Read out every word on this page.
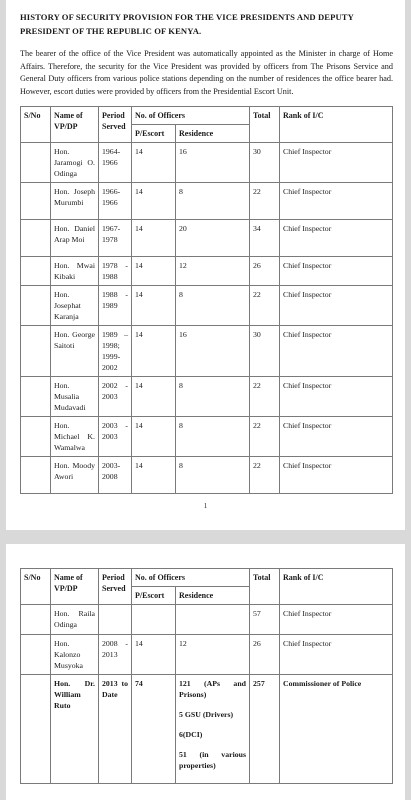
HISTORY OF SECURITY PROVISION FOR THE VICE PRESIDENTS AND DEPUTY PRESIDENT OF THE REPUBLIC OF KENYA.

The bearer of the office of the Vice President was automatically appointed as the Minister in charge of Home Affairs. Therefore, the security for the Vice President was provided by officers from The Prisons Service and General Duty officers from various police stations depending on the number of residences the office bearer had. However, escort duties were provided by officers from the Presidential Escort Unit.

S/No	Name of VP/DP	Period Served	No. of Officers		Total	Rank of I/C
			P/Escort	Residence		
	Hon. Jaramogi O. Odinga	1964-1966	14	16	30	Chief Inspector
	Hon. Joseph Murumbi	1966-1966	14	8	22	Chief Inspector
	Hon. Daniel Arap Moi	1967-1978	14	20	34	Chief Inspector
	Hon. Mwai Kibaki	1978 - 1988	14	12	26	Chief Inspector
	Hon. Josephat Karanja	1988 - 1989	14	8	22	Chief Inspector
	Hon. George Saitoti	1989 – 1998; 1999-2002	14	16	30	Chief Inspector
	Hon. Musalia Mudavadi	2002 - 2003	14	8	22	Chief Inspector
	Hon. Michael K. Wamalwa	2003 - 2003	14	8	22	Chief Inspector
	Hon. Moody Awori	2003-2008	14	8	22	Chief Inspector
1
S/No	Name of VP/DP	Period Served	No. of Officers		Total	Rank of I/C
			P/Escort	Residence		
	Hon. Raila Odinga				57	Chief Inspector
	Hon. Kalonzo Musyoka	2008 - 2013	14	12	26	Chief Inspector
	Hon. Dr. William Ruto	2013 to Date	74	121 (APs and Prisons)
5 GSU (Drivers)
6(DCI)
51 (in various properties)	257	Commissioner of Police
